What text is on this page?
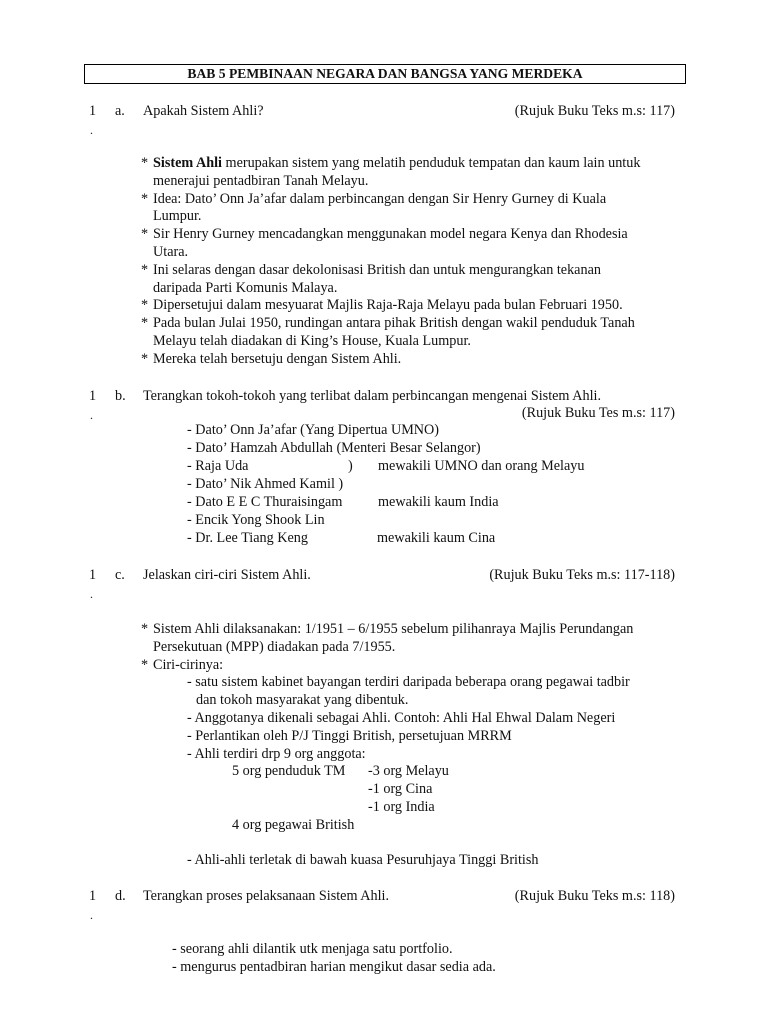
BAB 5 PEMBINAAN NEGARA DAN BANGSA YANG MERDEKA
1 a. Apakah Sistem Ahli?	(Rujuk Buku Teks m.s: 117)
.
* Sistem Ahli merupakan sistem yang melatih penduduk tempatan dan kaum lain untuk
menerajui pentadbiran Tanah Melayu.
* Idea: Dato’ Onn Ja’afar dalam perbincangan dengan Sir Henry Gurney di Kuala
Lumpur.
* Sir Henry Gurney mencadangkan menggunakan model negara Kenya dan Rhodesia
Utara.
* Ini selaras dengan dasar dekolonisasi British dan untuk mengurangkan tekanan
daripada Parti Komunis Malaya.
* Dipersetujui dalam mesyuarat Majlis Raja-Raja Melayu pada bulan Februari 1950.
* Pada bulan Julai 1950, rundingan antara pihak British dengan wakil penduduk Tanah
Melayu telah diadakan di King’s House, Kuala Lumpur.
* Mereka telah bersetuju dengan Sistem Ahli.
1 b. Terangkan tokoh-tokoh yang terlibat dalam perbincangan mengenai Sistem Ahli.
(Rujuk Buku Tes m.s: 117)
.
- Dato’ Onn Ja’afar (Yang Dipertua UMNO)
- Dato’ Hamzah Abdullah (Menteri Besar Selangor)
- Raja Uda	) mewakili UMNO dan orang Melayu
- Dato’ Nik Ahmed Kamil )
- Dato E E C Thuraisingam	mewakili kaum India
- Encik Yong Shook Lin
- Dr. Lee Tiang Keng	mewakili kaum Cina
1 c. Jelaskan ciri-ciri Sistem Ahli.	(Rujuk Buku Teks m.s: 117-118)
.
* Sistem Ahli dilaksanakan: 1/1951 – 6/1955 sebelum pilihanraya Majlis Perundangan
Persekutuan (MPP) diadakan pada 7/1955.
* Ciri-cirinya:
- satu sistem kabinet bayangan terdiri daripada beberapa orang pegawai tadbir
dan tokoh masyarakat yang dibentuk.
- Anggotanya dikenali sebagai Ahli. Contoh: Ahli Hal Ehwal Dalam Negeri
- Perlantikan oleh P/J Tinggi British, persetujuan MRRM
- Ahli terdiri drp 9 org anggota:
5 org penduduk TM -3 org Melayu
-1 org Cina
-1 org India
4 org pegawai British
- Ahli-ahli terletak di bawah kuasa Pesuruhjaya Tinggi British
1 d. Terangkan proses pelaksanaan Sistem Ahli.	(Rujuk Buku Teks m.s: 118)
.
- seorang ahli dilantik utk menjaga satu portfolio.
- mengurus pentadbiran harian mengikut dasar sedia ada.
